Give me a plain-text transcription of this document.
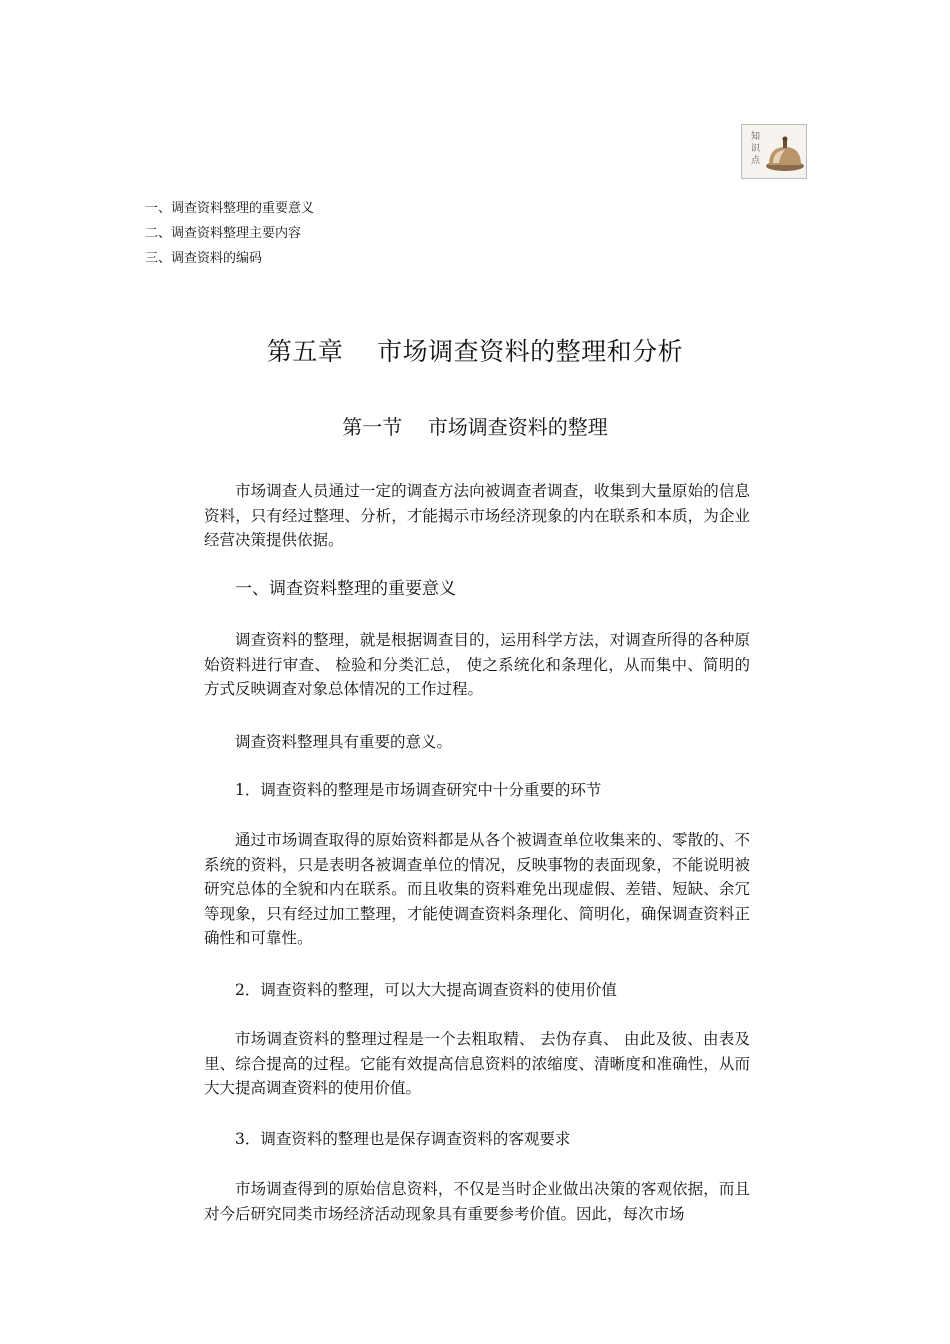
知
识
点
一、调查资料整理的重要意义
二、调查资料整理主要内容
三、调查资料的编码
第五章    市场调查资料的整理和分析
第一节    市场调查资料的整理

市场调查人员通过一定的调查方法向被调查者调查，收集到大量原始的信息资料，只有经过整理、分析，才能揭示市场经济现象的内在联系和本质，为企业经营决策提供依据。

一、调查资料整理的重要意义

调查资料的整理，就是根据调查目的，运用科学方法，对调查所得的各种原始资料进行审查、 检验和分类汇总， 使之系统化和条理化，从而集中、简明的方式反映调查对象总体情况的工作过程。

调查资料整理具有重要的意义。

1．调查资料的整理是市场调查研究中十分重要的环节

通过市场调查取得的原始资料都是从各个被调查单位收集来的、零散的、不系统的资料，只是表明各被调查单位的情况，反映事物的表面现象，不能说明被研究总体的全貌和内在联系。而且收集的资料难免出现虚假、差错、短缺、余冗等现象，只有经过加工整理，才能使调查资料条理化、简明化，确保调查资料正确性和可靠性。

2．调查资料的整理，可以大大提高调查资料的使用价值

市场调查资料的整理过程是一个去粗取精、 去伪存真、 由此及彼、由表及里、综合提高的过程。它能有效提高信息资料的浓缩度、清晰度和准确性，从而大大提高调查资料的使用价值。

3．调查资料的整理也是保存调查资料的客观要求

市场调查得到的原始信息资料，不仅是当时企业做出决策的客观依据，而且对今后研究同类市场经济活动现象具有重要参考价值。因此，每次市场
